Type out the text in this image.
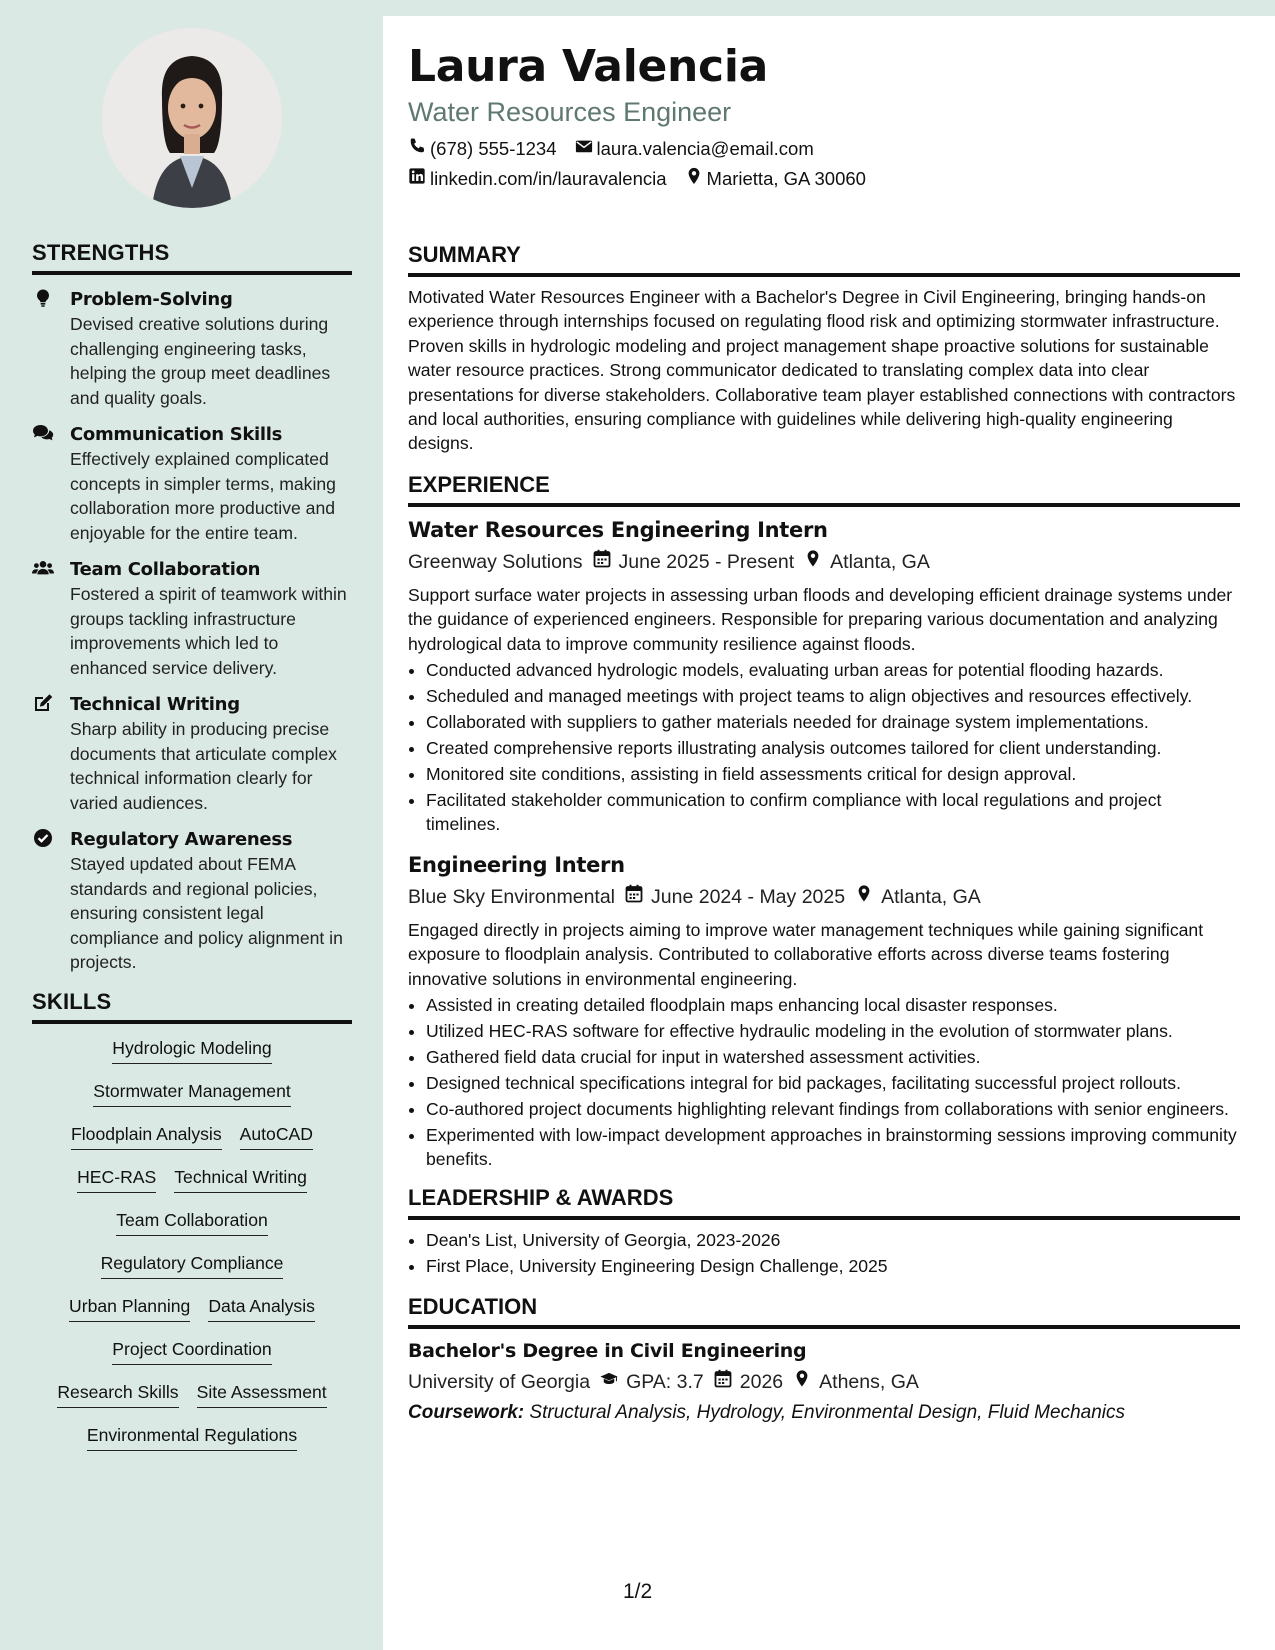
STRENGTHS
Problem-Solving
Devised creative solutions during challenging engineering tasks, helping the group meet deadlines and quality goals.
Communication Skills
Effectively explained complicated concepts in simpler terms, making collaboration more productive and enjoyable for the entire team.
Team Collaboration
Fostered a spirit of teamwork within groups tackling infrastructure improvements which led to enhanced service delivery.
Technical Writing
Sharp ability in producing precise documents that articulate complex technical information clearly for varied audiences.
Regulatory Awareness
Stayed updated about FEMA standards and regional policies, ensuring consistent legal compliance and policy alignment in projects.
SKILLS
Hydrologic Modeling
Stormwater Management
Floodplain Analysis AutoCAD
HEC-RAS Technical Writing
Team Collaboration
Regulatory Compliance
Urban Planning Data Analysis
Project Coordination
Research Skills Site Assessment
Environmental Regulations
Laura Valencia
Water Resources Engineer
(678) 555-1234 laura.valencia@email.com
linkedin.com/in/lauravalencia Marietta, GA 30060
SUMMARY

Motivated Water Resources Engineer with a Bachelor's Degree in Civil Engineering, bringing hands-on experience through internships focused on regulating flood risk and optimizing stormwater infrastructure. Proven skills in hydrologic modeling and project management shape proactive solutions for sustainable water resource practices. Strong communicator dedicated to translating complex data into clear presentations for diverse stakeholders. Collaborative team player established connections with contractors and local authorities, ensuring compliance with guidelines while delivering high-quality engineering designs.

EXPERIENCE
Water Resources Engineering Intern
Greenway Solutions June 2025 - Present Atlanta, GA

Support surface water projects in assessing urban floods and developing efficient drainage systems under the guidance of experienced engineers. Responsible for preparing various documentation and analyzing hydrological data to improve community resilience against floods.

• Conducted advanced hydrologic models, evaluating urban areas for potential flooding hazards.
• Scheduled and managed meetings with project teams to align objectives and resources effectively.
• Collaborated with suppliers to gather materials needed for drainage system implementations.
• Created comprehensive reports illustrating analysis outcomes tailored for client understanding.
• Monitored site conditions, assisting in field assessments critical for design approval.
• Facilitated stakeholder communication to confirm compliance with local regulations and project timelines.
Engineering Intern
Blue Sky Environmental June 2024 - May 2025 Atlanta, GA

Engaged directly in projects aiming to improve water management techniques while gaining significant exposure to floodplain analysis. Contributed to collaborative efforts across diverse teams fostering innovative solutions in environmental engineering.

• Assisted in creating detailed floodplain maps enhancing local disaster responses.
• Utilized HEC-RAS software for effective hydraulic modeling in the evolution of stormwater plans.
• Gathered field data crucial for input in watershed assessment activities.
• Designed technical specifications integral for bid packages, facilitating successful project rollouts.
• Co-authored project documents highlighting relevant findings from collaborations with senior engineers.
• Experimented with low-impact development approaches in brainstorming sessions improving community benefits.
LEADERSHIP & AWARDS
• Dean's List, University of Georgia, 2023-2026
• First Place, University Engineering Design Challenge, 2025
EDUCATION
Bachelor's Degree in Civil Engineering
University of Georgia GPA: 3.7 2026 Athens, GA
Coursework: Structural Analysis, Hydrology, Environmental Design, Fluid Mechanics
1/2
